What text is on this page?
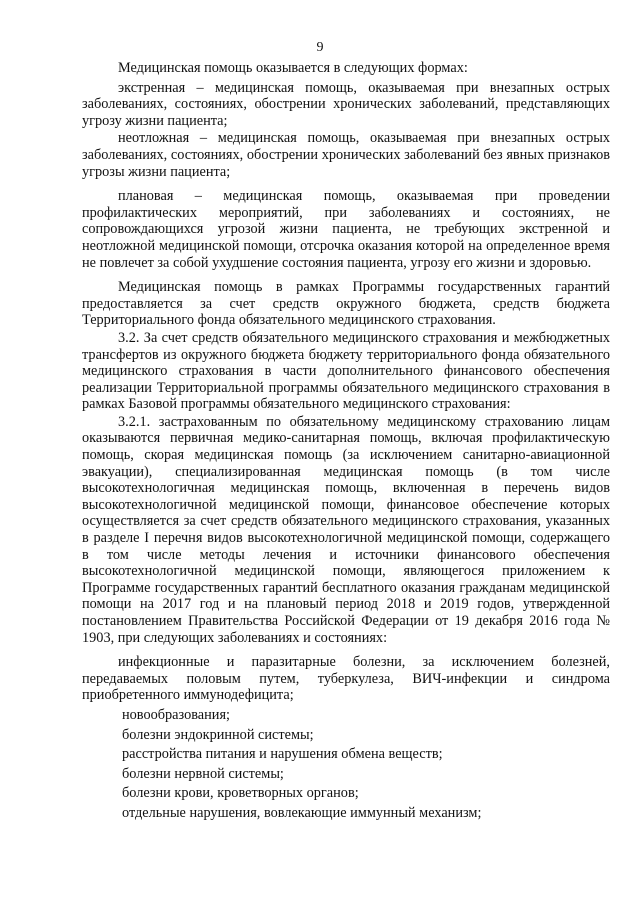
9

Медицинская помощь оказывается в следующих формах:

экстренная – медицинская помощь, оказываемая при внезапных острых заболеваниях, состояниях, обострении хронических заболеваний, представляющих угрозу жизни пациента;

неотложная – медицинская помощь, оказываемая при внезапных острых заболеваниях, состояниях, обострении хронических заболеваний без явных признаков угрозы жизни пациента;

плановая – медицинская помощь, оказываемая при проведении профилактических мероприятий, при заболеваниях и состояниях, не сопровождающихся угрозой жизни пациента, не требующих экстренной и неотложной медицинской помощи, отсрочка оказания которой на определенное время не повлечет за собой ухудшение состояния пациента, угрозу его жизни и здоровью.

Медицинская помощь в рамках Программы государственных гарантий предоставляется за счет средств окружного бюджета, средств бюджета Территориального фонда обязательного медицинского страхования.

3.2. За счет средств обязательного медицинского страхования и межбюджетных трансфертов из окружного бюджета бюджету территориального фонда обязательного медицинского страхования в части дополнительного финансового обеспечения реализации Территориальной программы обязательного медицинского страхования в рамках Базовой программы обязательного медицинского страхования:

3.2.1. застрахованным по обязательному медицинскому страхованию лицам оказываются первичная медико-санитарная помощь, включая профилактическую помощь, скорая медицинская помощь (за исключением санитарно-авиационной эвакуации), специализированная медицинская помощь (в том числе высокотехнологичная медицинская помощь, включенная в перечень видов высокотехнологичной медицинской помощи, финансовое обеспечение которых осуществляется за счет средств обязательного медицинского страхования, указанных в разделе I перечня видов высокотехнологичной медицинской помощи, содержащего в том числе методы лечения и источники финансового обеспечения высокотехнологичной медицинской помощи, являющегося приложением к Программе государственных гарантий бесплатного оказания гражданам медицинской помощи на 2017 год и на плановый период 2018 и 2019 годов, утвержденной постановлением Правительства Российской Федерации от 19 декабря 2016 года № 1903, при следующих заболеваниях и состояниях:

инфекционные и паразитарные болезни, за исключением болезней, передаваемых половым путем, туберкулеза, ВИЧ-инфекции и синдрома приобретенного иммунодефицита;

новообразования;
болезни эндокринной системы;
расстройства питания и нарушения обмена веществ;
болезни нервной системы;
болезни крови, кроветворных органов;
отдельные нарушения, вовлекающие иммунный механизм;
